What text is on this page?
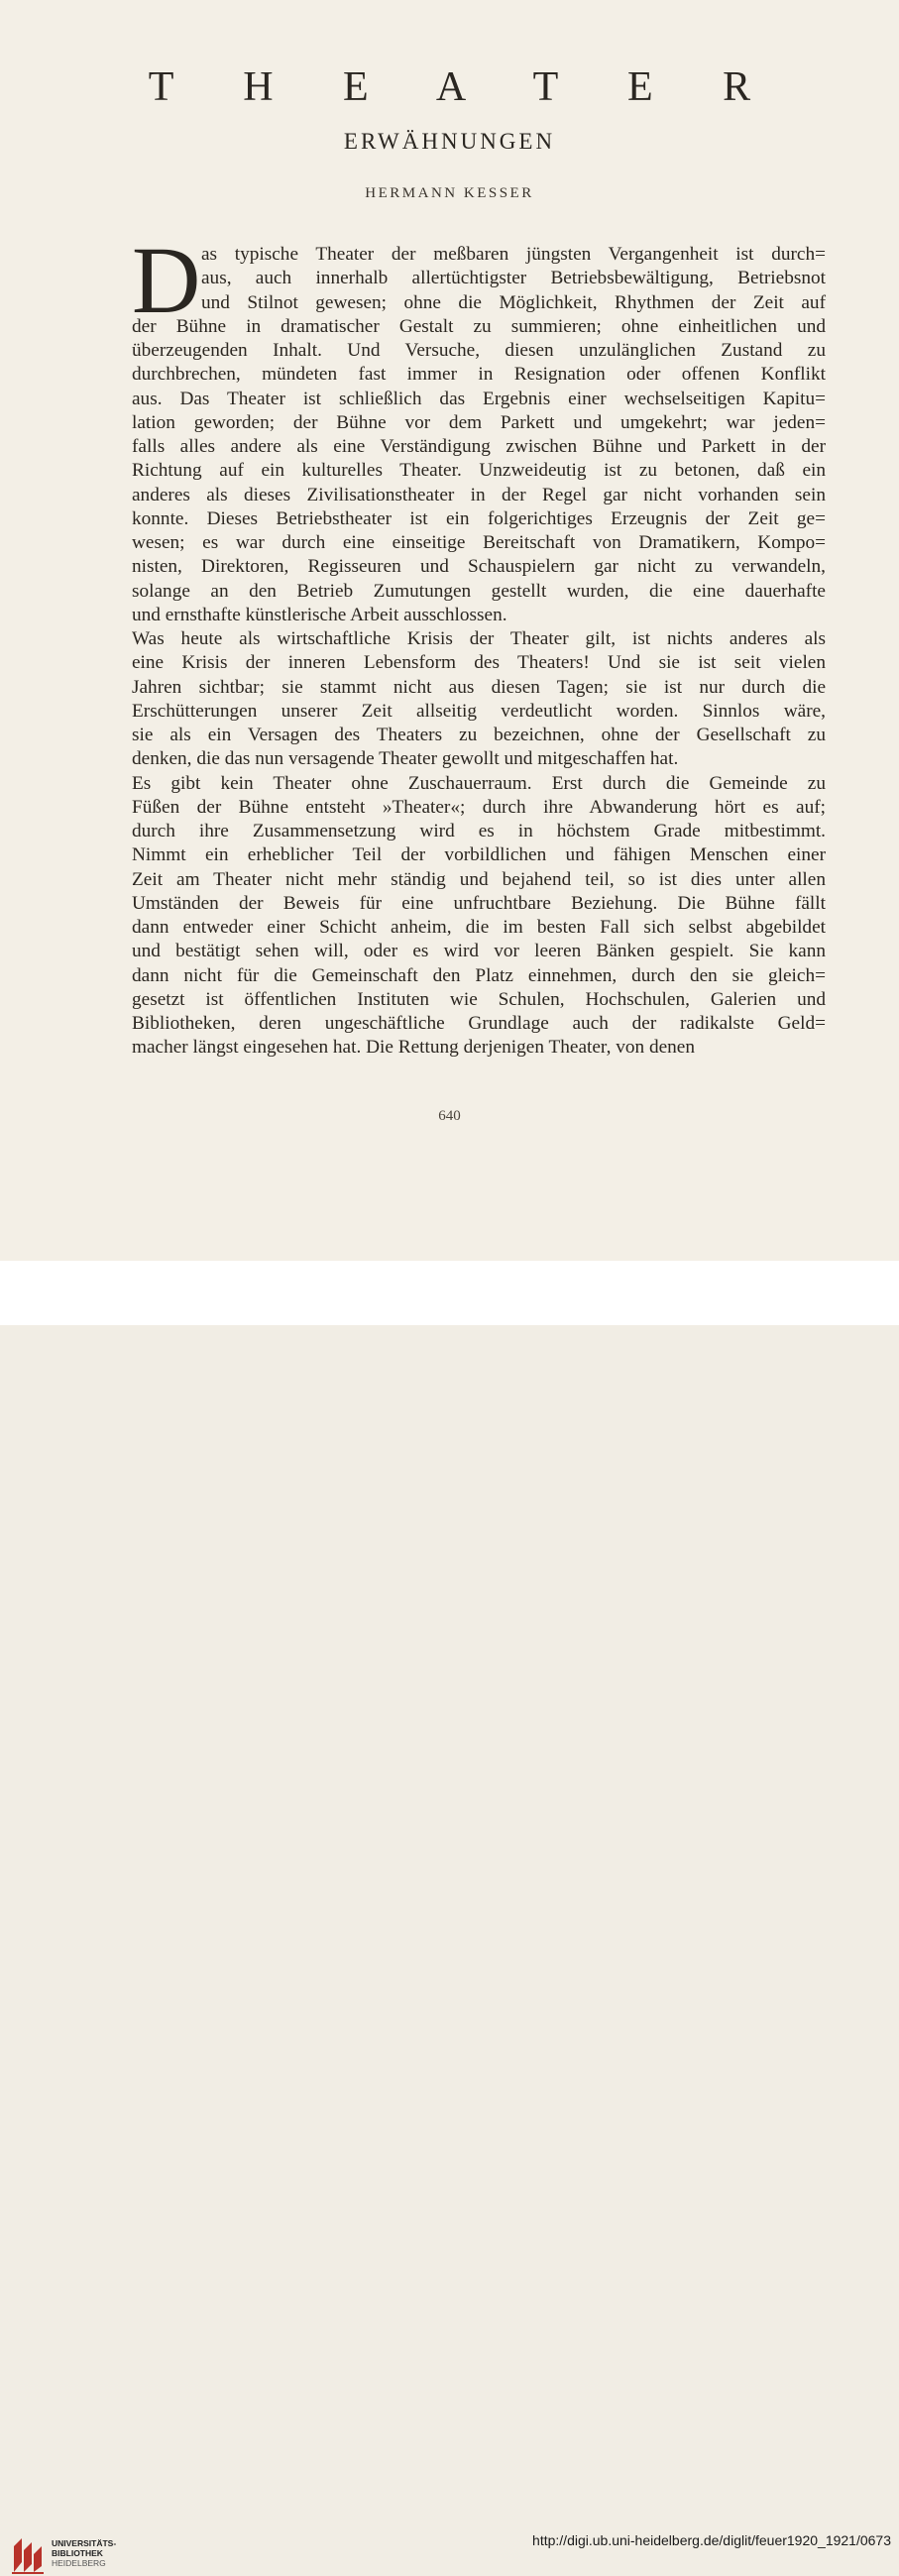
T H E A T E R
ERWÄHNUNGEN
HERMANN KESSER
D as typische Theater der meßbaren jüngsten Vergangenheit ist durch=
aus, auch innerhalb allertüchtigster Betriebsbewältigung, Betriebsnot
und Stilnot gewesen; ohne die Möglichkeit, Rhythmen der Zeit auf
der Bühne in dramatischer Gestalt zu summieren; ohne einheitlichen und
überzeugenden Inhalt. Und Versuche, diesen unzulänglichen Zustand zu
durchbrechen, mündeten fast immer in Resignation oder offenen Konflikt
aus. Das Theater ist schließlich das Ergebnis einer wechselseitigen Kapitu=
lation geworden; der Bühne vor dem Parkett und umgekehrt; war jeden=
falls alles andere als eine Verständigung zwischen Bühne und Parkett in der
Richtung auf ein kulturelles Theater. Unzweideutig ist zu betonen, daß ein
anderes als dieses Zivilisationstheater in der Regel gar nicht vorhanden sein
konnte. Dieses Betriebstheater ist ein folgerichtiges Erzeugnis der Zeit ge=
wesen; es war durch eine einseitige Bereitschaft von Dramatikern, Kompo=
nisten, Direktoren, Regisseuren und Schauspielern gar nicht zu verwandeln,
solange an den Betrieb Zumutungen gestellt wurden, die eine dauerhafte
und ernsthafte künstlerische Arbeit ausschlossen.
Was heute als wirtschaftliche Krisis der Theater gilt, ist nichts anderes als
eine Krisis der inneren Lebensform des Theaters! Und sie ist seit vielen
Jahren sichtbar; sie stammt nicht aus diesen Tagen; sie ist nur durch die
Erschütterungen unserer Zeit allseitig verdeutlicht worden. Sinnlos wäre,
sie als ein Versagen des Theaters zu bezeichnen, ohne der Gesellschaft zu
denken, die das nun versagende Theater gewollt und mitgeschaffen hat.
Es gibt kein Theater ohne Zuschauerraum. Erst durch die Gemeinde zu
Füßen der Bühne entsteht »Theater«; durch ihre Abwanderung hört es auf;
durch ihre Zusammensetzung wird es in höchstem Grade mitbestimmt.
Nimmt ein erheblicher Teil der vorbildlichen und fähigen Menschen einer
Zeit am Theater nicht mehr ständig und bejahend teil, so ist dies unter allen
Umständen der Beweis für eine unfruchtbare Beziehung. Die Bühne fällt
dann entweder einer Schicht anheim, die im besten Fall sich selbst abgebildet
und bestätigt sehen will, oder es wird vor leeren Bänken gespielt. Sie kann
dann nicht für die Gemeinschaft den Platz einnehmen, durch den sie gleich=
gesetzt ist öffentlichen Instituten wie Schulen, Hochschulen, Galerien und
Bibliotheken, deren ungeschäftliche Grundlage auch der radikalste Geld=
macher längst eingesehen hat. Die Rettung derjenigen Theater, von denen
640
UNIVERSITÄTS-
BIBLIOTHEK
HEIDELBERG
http://digi.ub.uni-heidelberg.de/diglit/feuer1920_1921/0673
